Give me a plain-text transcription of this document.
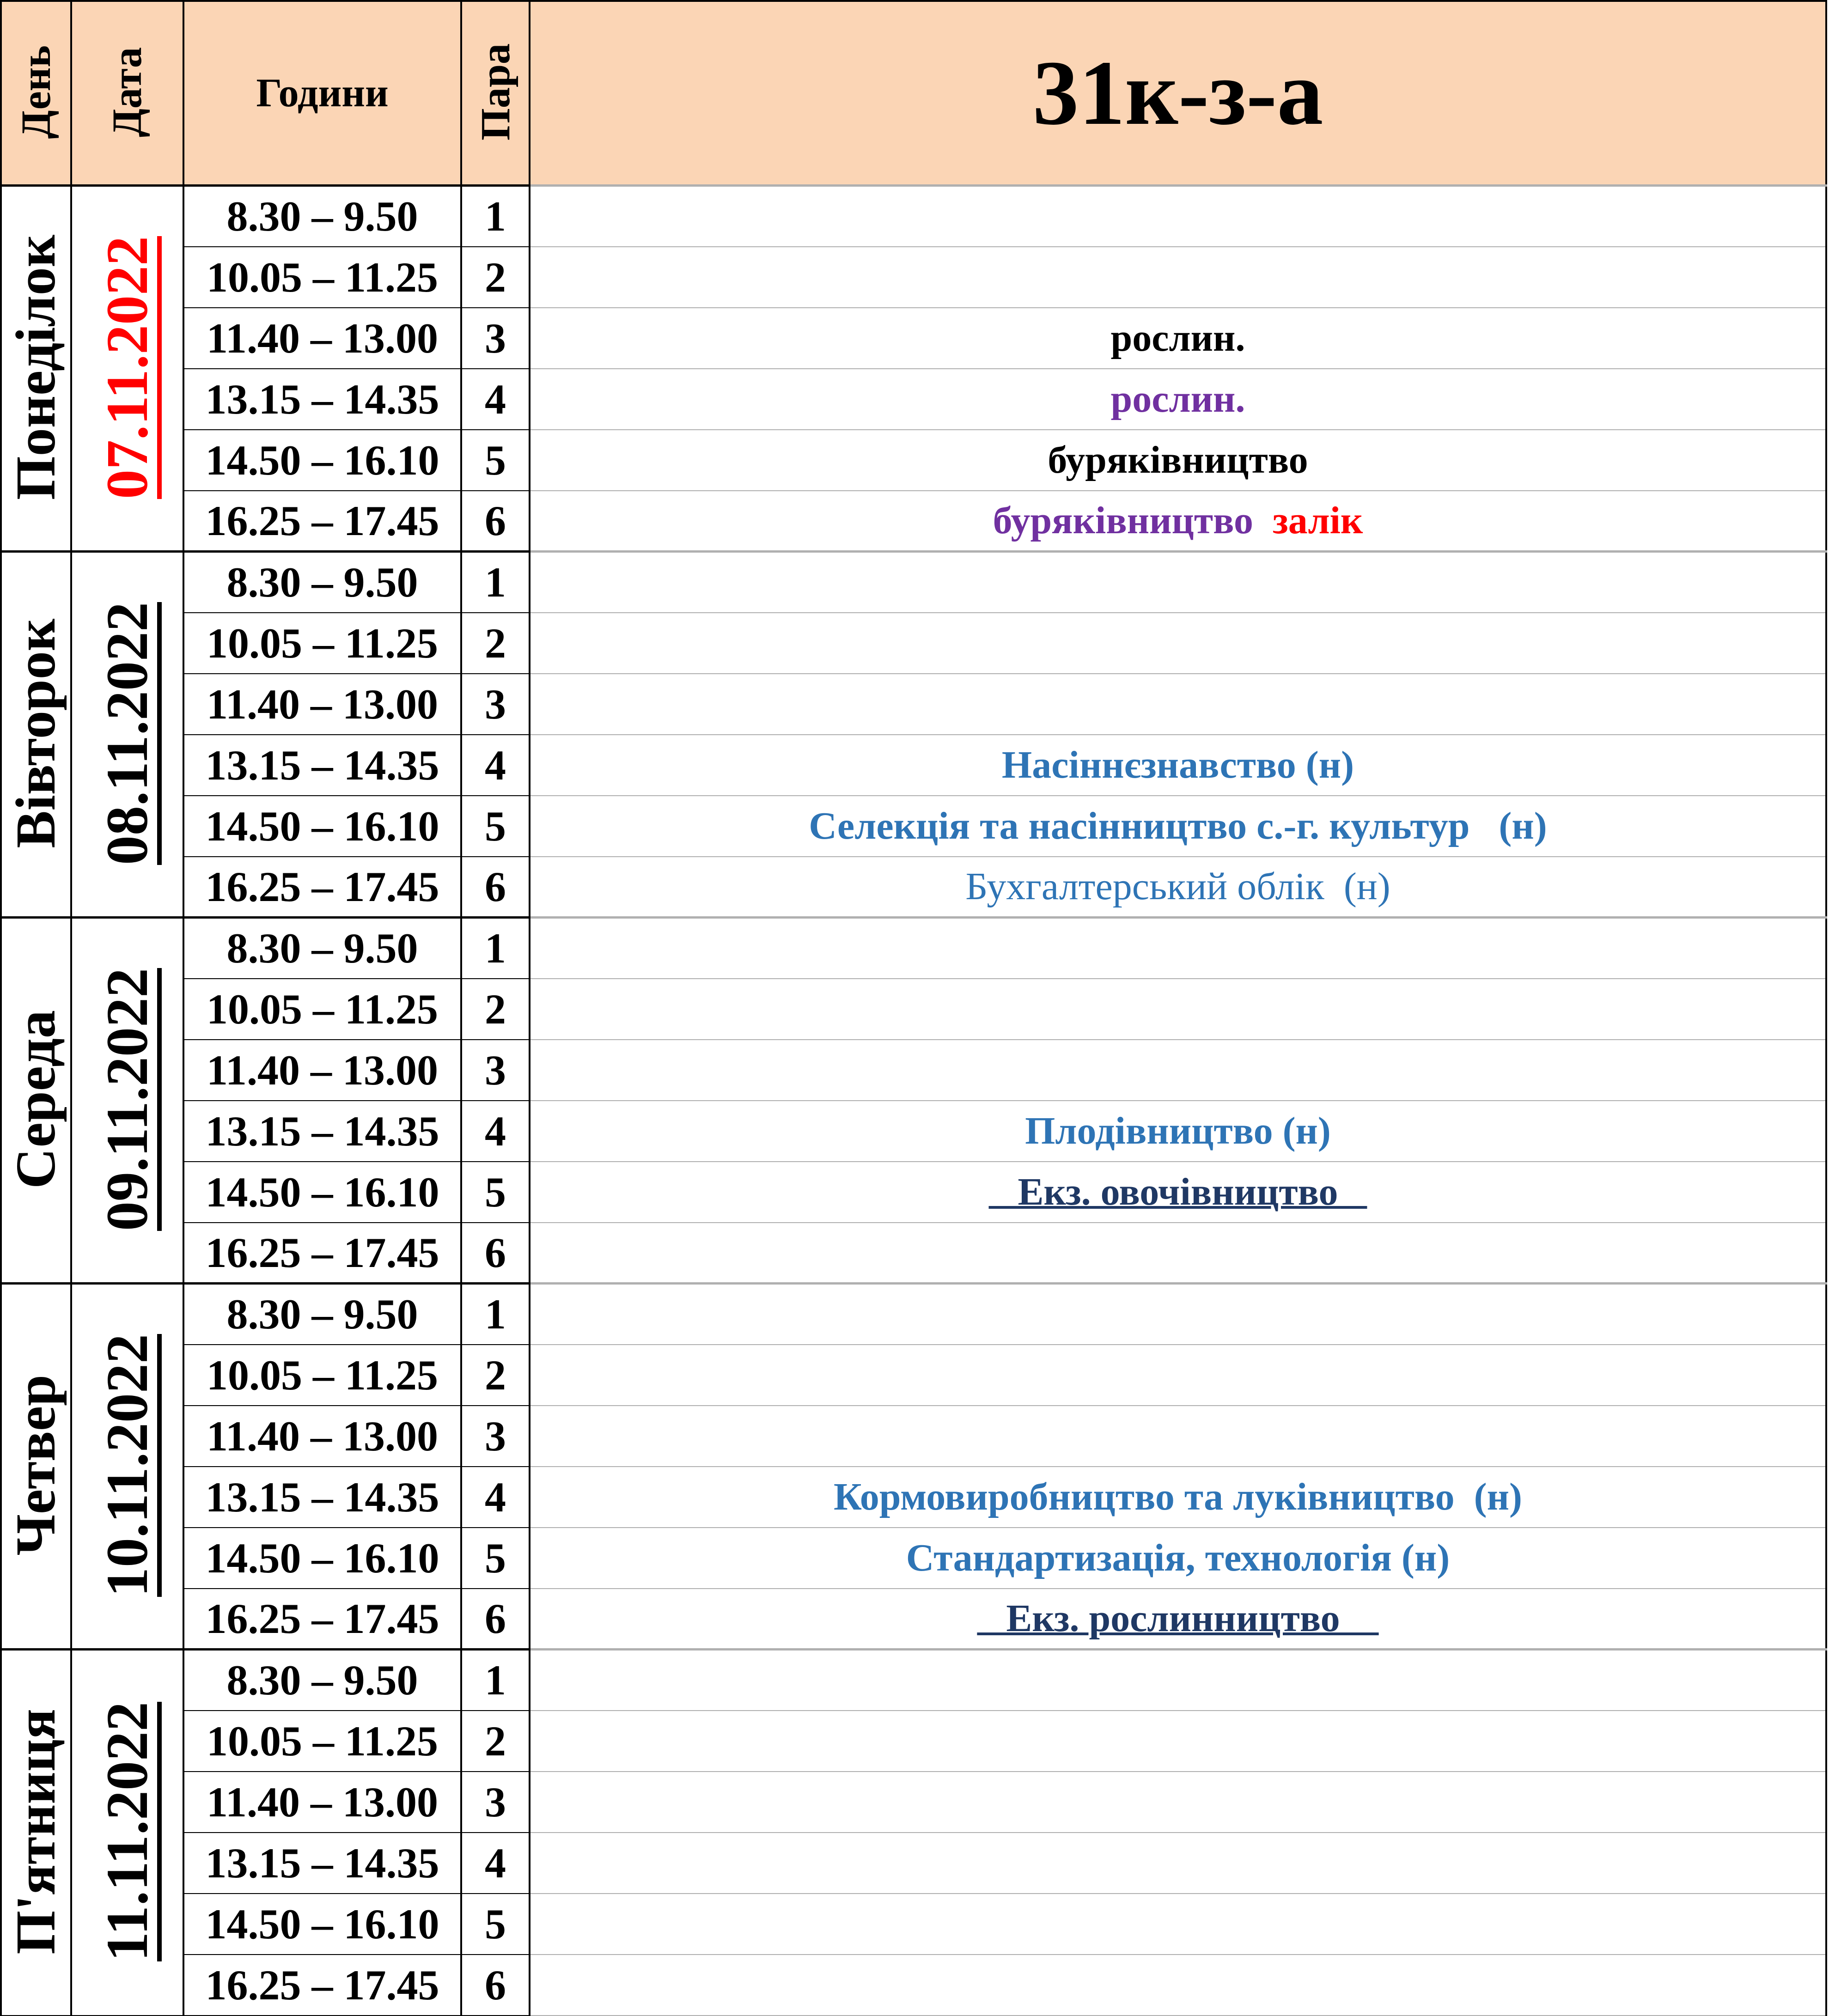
День	Дата	Години	Пара	31к-з-а
Понеділок	07.11.2022	8.30 – 9.50	1	
		10.05 – 11.25	2	
		11.40 – 13.00	3	рослин.
		13.15 – 14.35	4	рослин.
		14.50 – 16.10	5	буряківництво
		16.25 – 17.45	6	буряківництво  залік
Вівторок	08.11.2022	8.30 – 9.50	1	
		10.05 – 11.25	2	
		11.40 – 13.00	3	
		13.15 – 14.35	4	Насіннєзнавство (н)
		14.50 – 16.10	5	Селекція та насінництво с.-г. культур   (н)
		16.25 – 17.45	6	Бухгалтерський облік  (н)
Середа	09.11.2022	8.30 – 9.50	1	
		10.05 – 11.25	2	
		11.40 – 13.00	3	
		13.15 – 14.35	4	Плодівництво (н)
		14.50 – 16.10	5	Екз. овочівництво
		16.25 – 17.45	6	
Четвер	10.11.2022	8.30 – 9.50	1	
		10.05 – 11.25	2	
		11.40 – 13.00	3	
		13.15 – 14.35	4	Кормовиробництво та луківництво  (н)
		14.50 – 16.10	5	Стандартизація, технологія (н)
		16.25 – 17.45	6	Екз. рослинництво
П'ятниця	11.11.2022	8.30 – 9.50	1	
		10.05 – 11.25	2	
		11.40 – 13.00	3	
		13.15 – 14.35	4	
		14.50 – 16.10	5	
		16.25 – 17.45	6	
